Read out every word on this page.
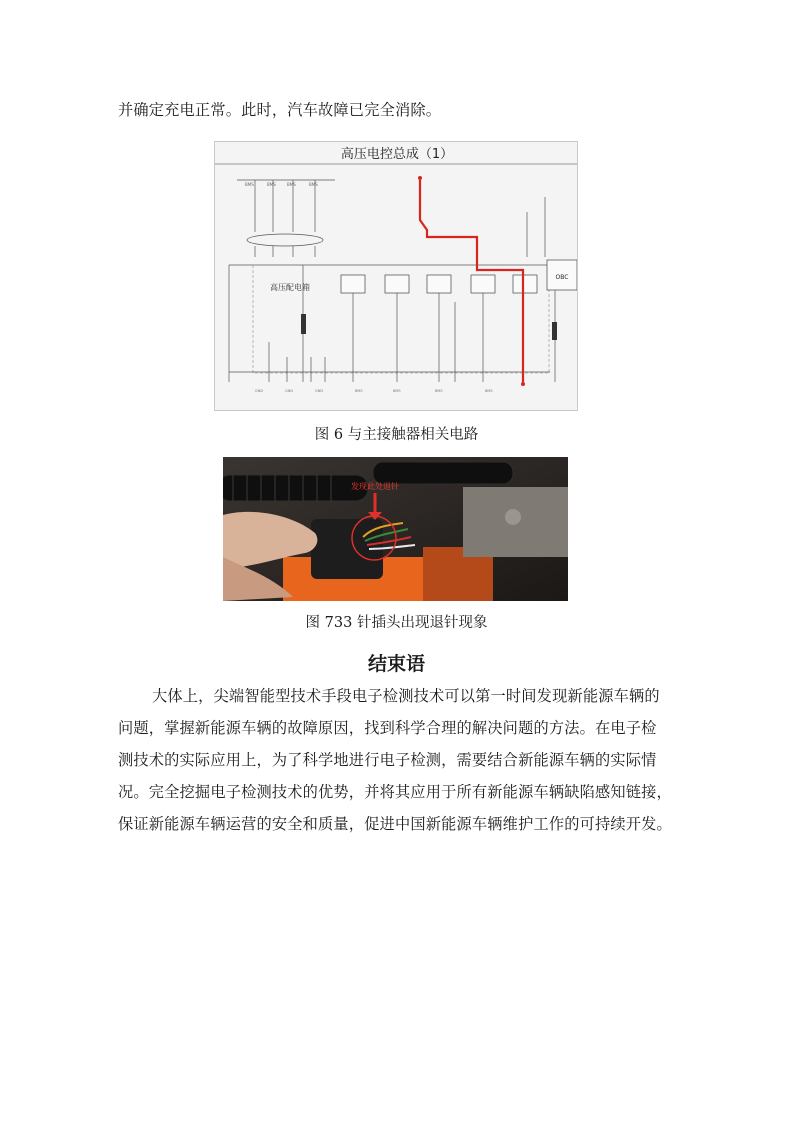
并确定充电正常。此时，汽车故障已完全消除。
高压电控总成（1）
BMS	BMS	BMS	BMS
高压配电箱
OBC
GND	GND	GND	BMS	BMS	BMS	BMS
图 6 与主接触器相关电路
发现此处退针
图 733 针插头出现退针现象
结束语
大体上，尖端智能型技术手段电子检测技术可以第一时间发现新能源车辆的
问题，掌握新能源车辆的故障原因，找到科学合理的解决问题的方法。在电子检
测技术的实际应用上，为了科学地进行电子检测，需要结合新能源车辆的实际情
况。完全挖掘电子检测技术的优势，并将其应用于所有新能源车辆缺陷感知链接，
保证新能源车辆运营的安全和质量，促进中国新能源车辆维护工作的可持续开发。
